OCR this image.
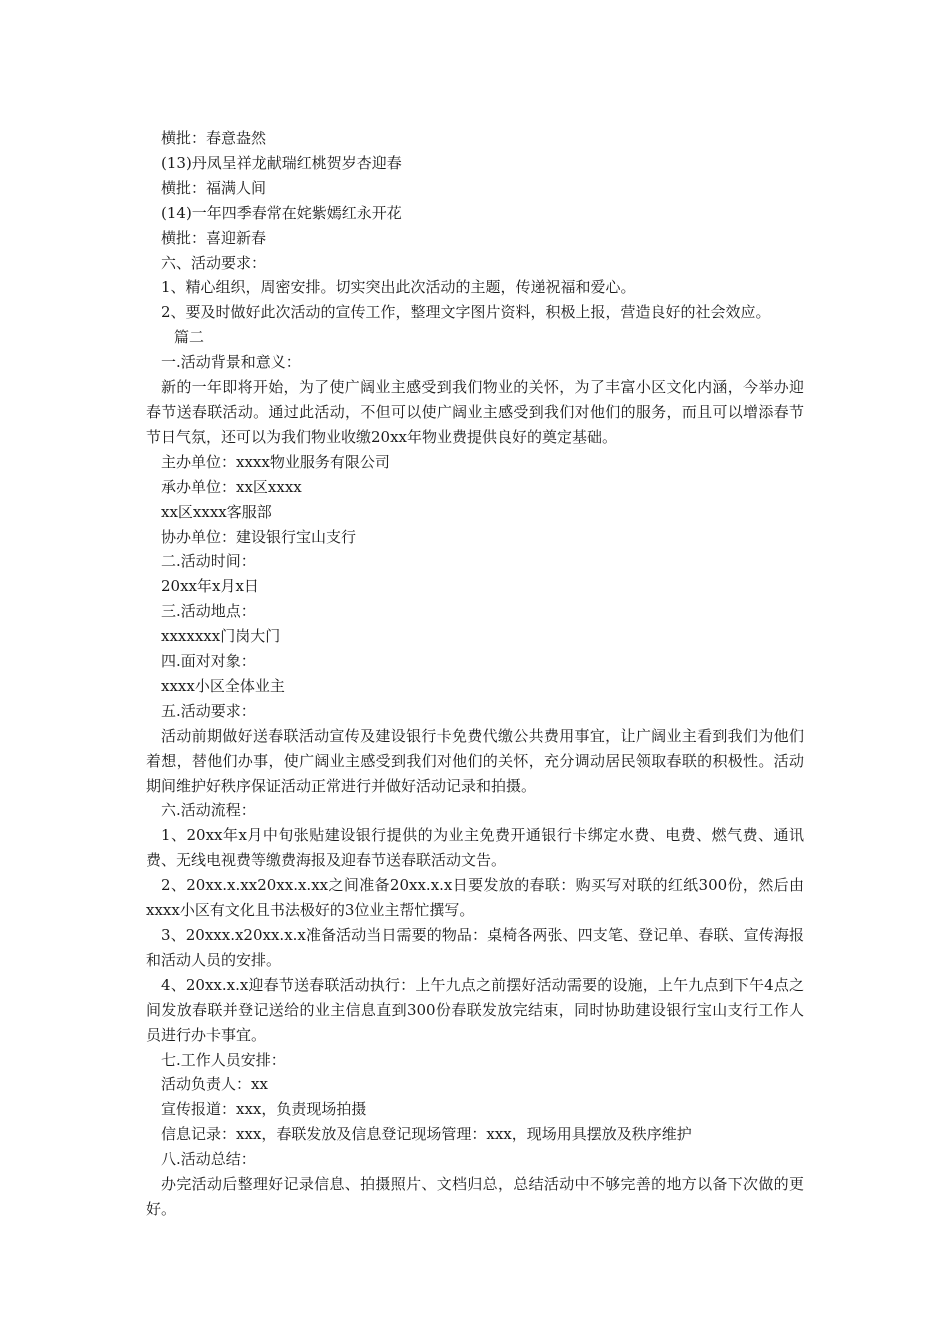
横批：春意盎然

(13)丹凤呈祥龙献瑞红桃贺岁杏迎春

横批：福满人间

(14)一年四季春常在姹紫嫣红永开花

横批：喜迎新春

六、活动要求：

1、精心组织，周密安排。切实突出此次活动的主题，传递祝福和爱心。

2、要及时做好此次活动的宣传工作，整理文字图片资料，积极上报，营造良好的社会效应。

篇二

一.活动背景和意义：

新的一年即将开始，为了使广阔业主感受到我们物业的关怀，为了丰富小区文化内涵，今举办迎春节送春联活动。通过此活动，不但可以使广阔业主感受到我们对他们的服务，而且可以增添春节节日气氛，还可以为我们物业收缴20xx年物业费提供良好的奠定基础。

主办单位：xxxx物业服务有限公司

承办单位：xx区xxxx

xx区xxxx客服部

协办单位：建设银行宝山支行

二.活动时间：

20xx年x月x日

三.活动地点：

xxxxxxx门岗大门

四.面对对象：

xxxx小区全体业主

五.活动要求：

活动前期做好送春联活动宣传及建设银行卡免费代缴公共费用事宜，让广阔业主看到我们为他们着想，替他们办事，使广阔业主感受到我们对他们的关怀，充分调动居民领取春联的积极性。活动期间维护好秩序保证活动正常进行并做好活动记录和拍摄。

六.活动流程：

1、20xx年x月中旬张贴建设银行提供的为业主免费开通银行卡绑定水费、电费、燃气费、通讯费、无线电视费等缴费海报及迎春节送春联活动文告。

2、20xx.x.xx20xx.x.xx之间准备20xx.x.x日要发放的春联：购买写对联的红纸300份，然后由xxxx小区有文化且书法极好的3位业主帮忙撰写。

3、20xxx.x20xx.x.x准备活动当日需要的物品：桌椅各两张、四支笔、登记单、春联、宣传海报和活动人员的安排。

4、20xx.x.x迎春节送春联活动执行：上午九点之前摆好活动需要的设施，上午九点到下午4点之间发放春联并登记送给的业主信息直到300份春联发放完结束，同时协助建设银行宝山支行工作人员进行办卡事宜。

七.工作人员安排：

活动负责人：xx

宣传报道：xxx，负责现场拍摄

信息记录：xxx，春联发放及信息登记现场管理：xxx，现场用具摆放及秩序维护

八.活动总结：

办完活动后整理好记录信息、拍摄照片、文档归总，总结活动中不够完善的地方以备下次做的更好。
